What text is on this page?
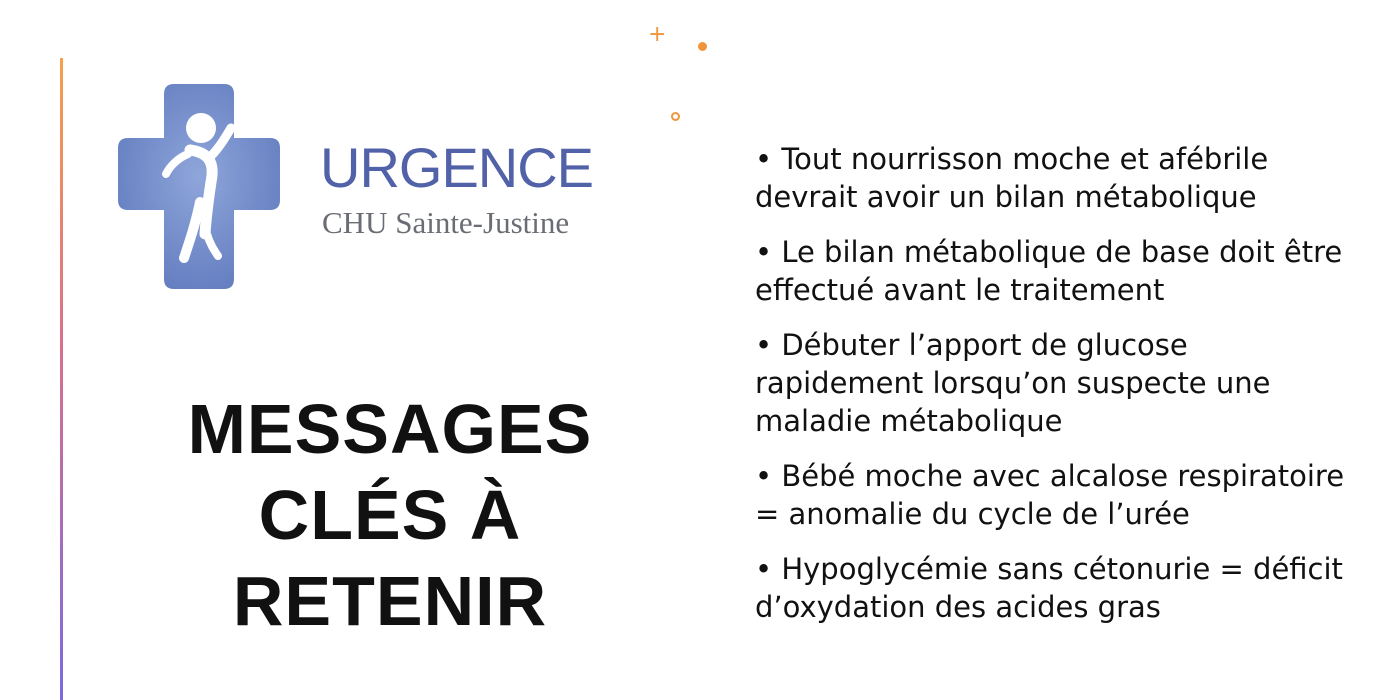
+
URGENCE
CHU Sainte-Justine
MESSAGES
CLÉS À
RETENIR
• Tout nourrisson moche et afébrile devrait avoir un bilan métabolique
• Le bilan métabolique de base doit être effectué avant le traitement
• Débuter l’apport de glucose rapidement lorsqu’on suspecte une maladie métabolique
• Bébé moche avec alcalose respiratoire = anomalie du cycle de l’urée
• Hypoglycémie sans cétonurie = déficit d’oxydation des acides gras
